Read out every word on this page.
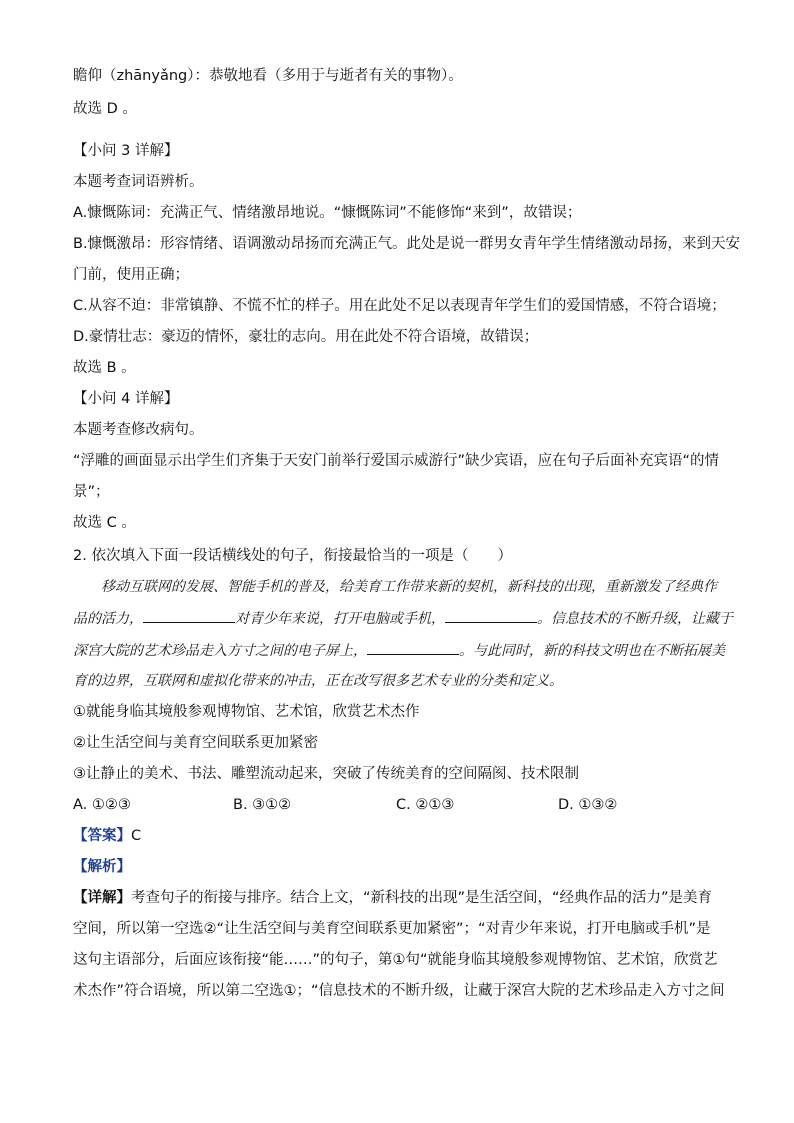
瞻仰（zhānyǎng）：恭敬地看（多用于与逝者有关的事物）。
故选 D 。
【小问 3 详解】
本题考查词语辨析。
A.慷慨陈词：充满正气、情绪激昂地说。“慷慨陈词”不能修饰“来到”，故错误；
B.慷慨激昂：形容情绪、语调激动昂扬而充满正气。此处是说一群男女青年学生情绪激动昂扬，来到天安
门前，使用正确；
C.从容不迫：非常镇静、不慌不忙的样子。用在此处不足以表现青年学生们的爱国情感，不符合语境；
D.豪情壮志：豪迈的情怀，豪壮的志向。用在此处不符合语境，故错误；
故选 B 。
【小问 4 详解】
本题考查修改病句。
“浮雕的画面显示出学生们齐集于天安门前举行爱国示威游行”缺少宾语，应在句子后面补充宾语“的情
景”；
故选 C 。
2. 依次填入下面一段话横线处的句子，衔接最恰当的一项是（　　）
移动互联网的发展、智能手机的普及，给美育工作带来新的契机，新科技的出现，重新激发了经典作
品的活力，	对青少年来说，打开电脑或手机，	。信息技术的不断升级，让藏于
深宫大院的艺术珍品走入方寸之间的电子屏上，	。与此同时，新的科技文明也在不断拓展美
育的边界，互联网和虚拟化带来的冲击，正在改写很多艺术专业的分类和定义。
①就能身临其境般参观博物馆、艺术馆，欣赏艺术杰作
②让生活空间与美育空间联系更加紧密
③让静止的美术、书法、雕塑流动起来，突破了传统美育的空间隔阂、技术限制
A. ①②③	B. ③①②	C. ②①③	D. ①③②
【答案】C
【解析】
【详解】考查句子的衔接与排序。结合上文，“新科技的出现”是生活空间，“经典作品的活力”是美育
空间，所以第一空选②“让生活空间与美育空间联系更加紧密”；“对青少年来说，打开电脑或手机”是
这句主语部分，后面应该衔接“能……”的句子，第①句“就能身临其境般参观博物馆、艺术馆，欣赏艺
术杰作”符合语境，所以第二空选①；“信息技术的不断升级，让藏于深宫大院的艺术珍品走入方寸之间
